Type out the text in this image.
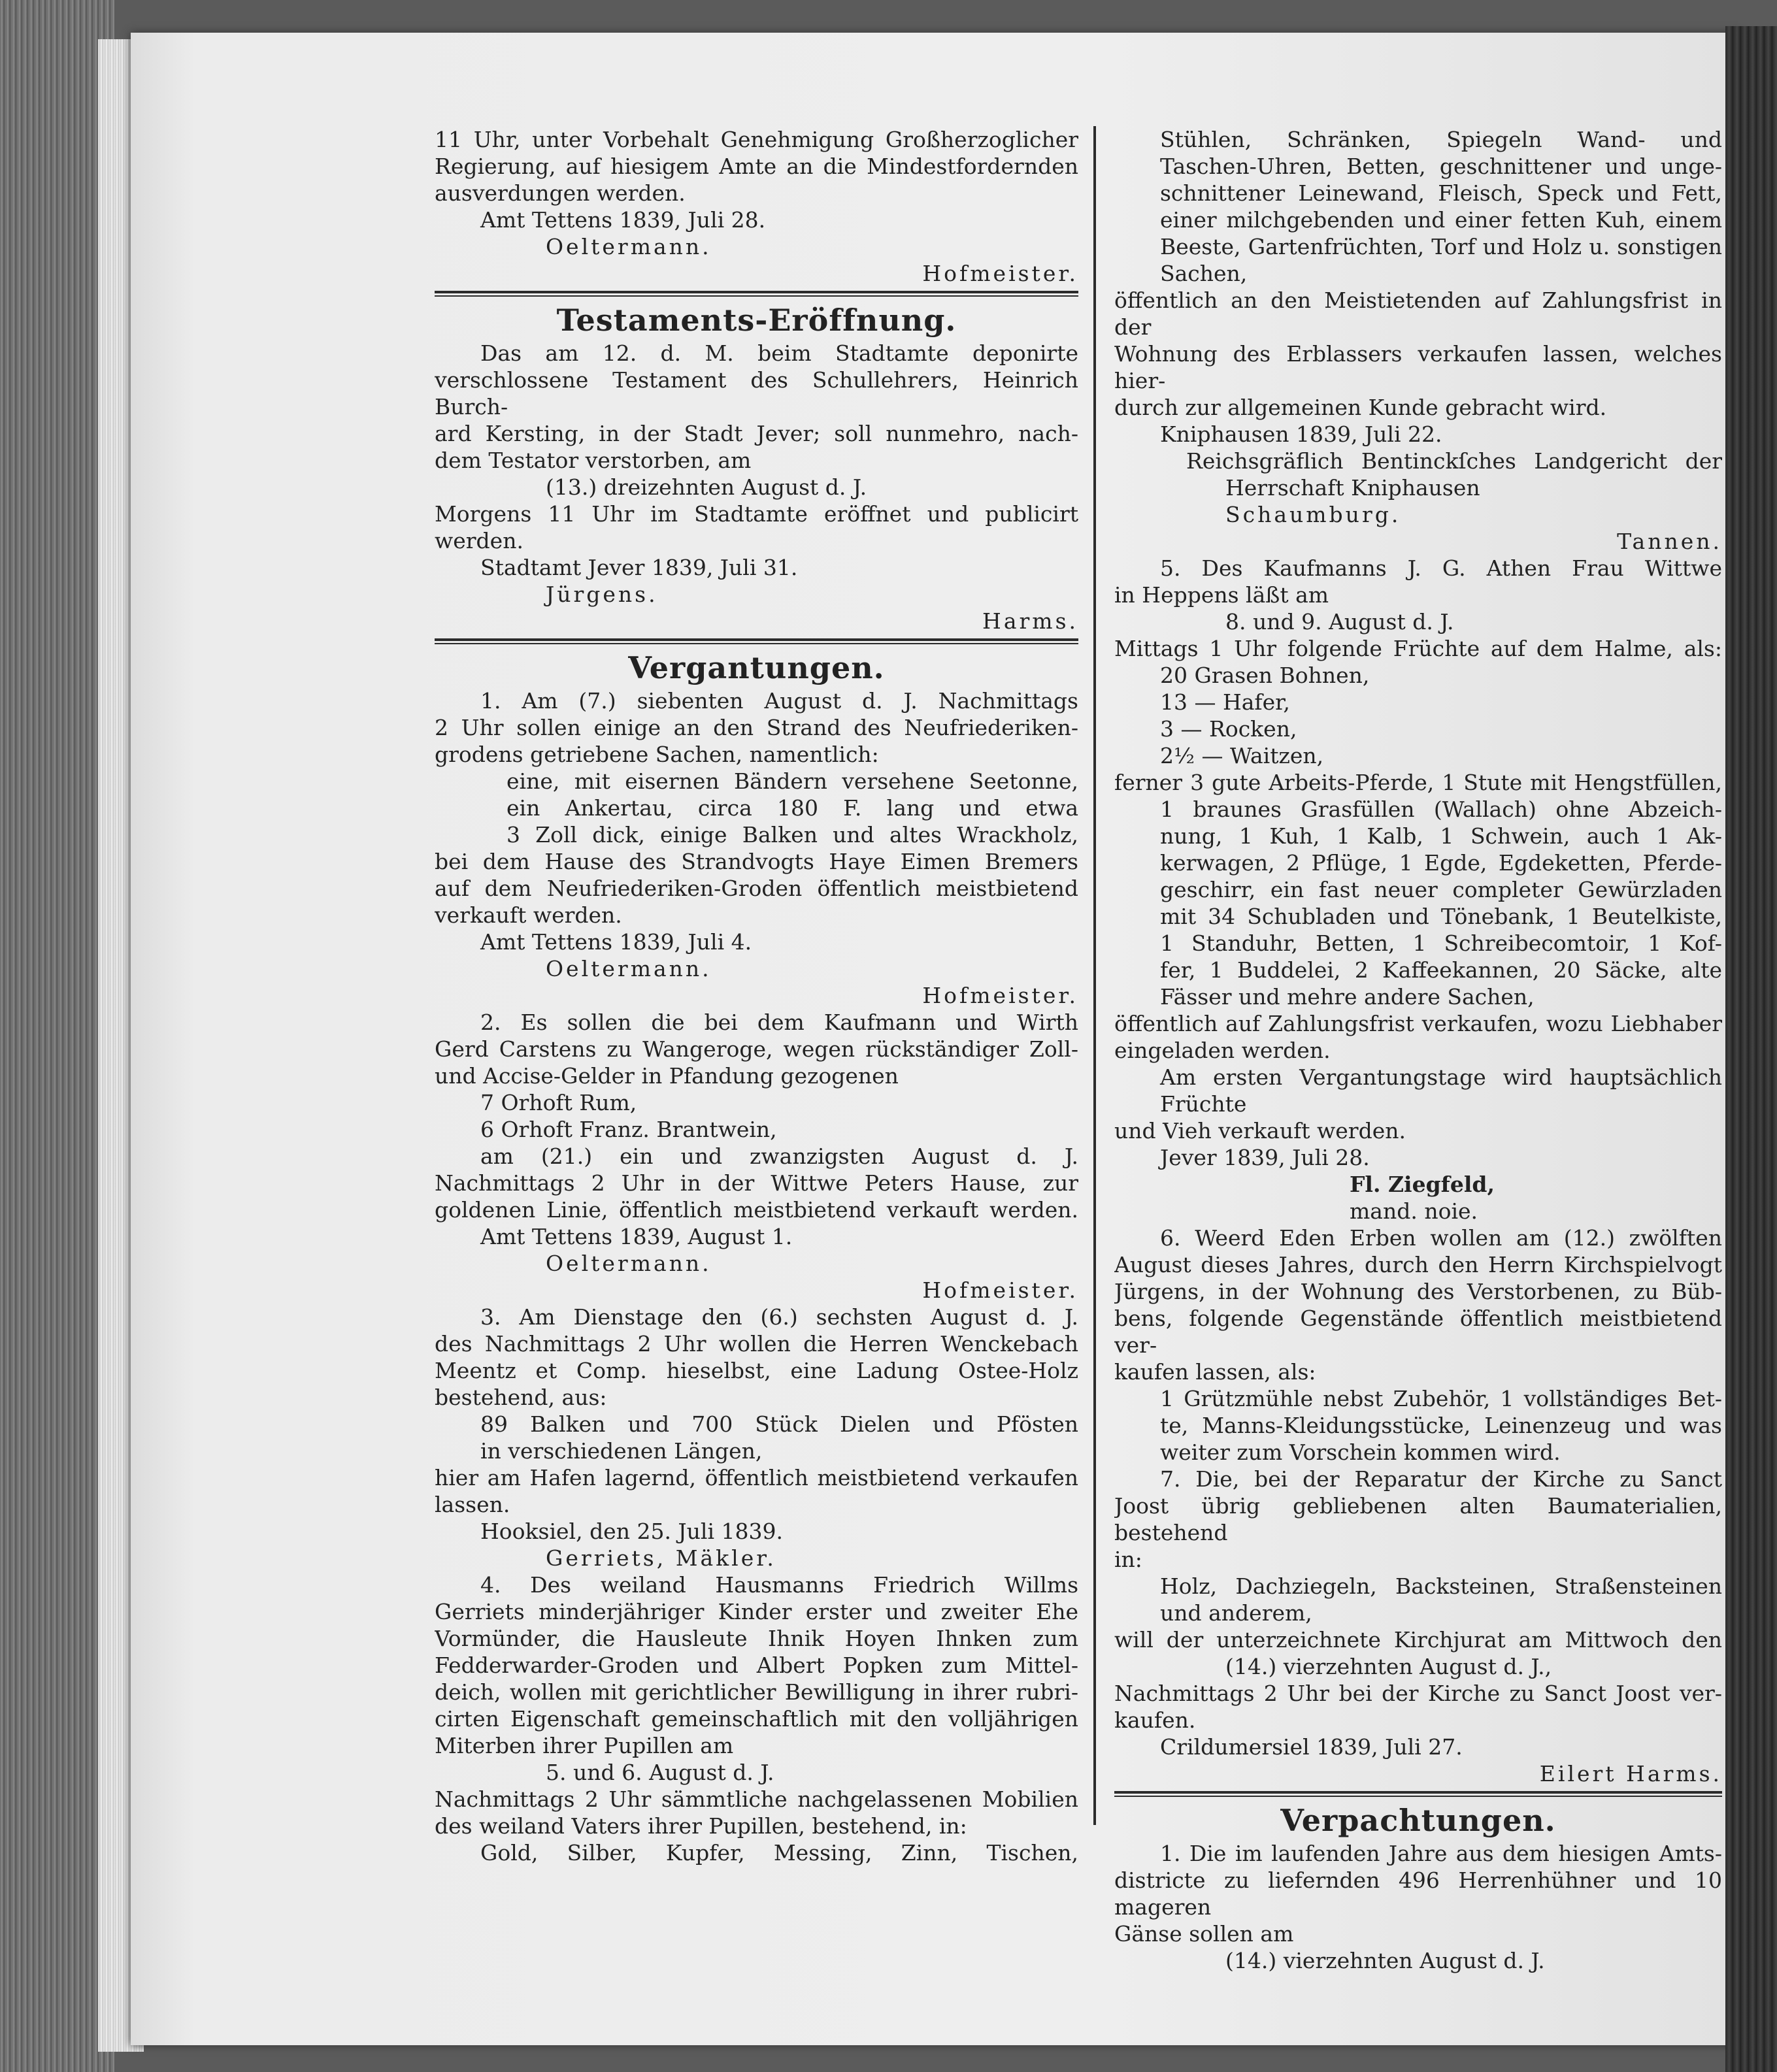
11 Uhr, unter Vorbehalt Genehmigung Großherzoglicher
Regierung, auf hiesigem Amte an die Mindestfordernden
ausverdungen werden.
Amt Tettens 1839, Juli 28.
Oeltermann.
Hofmeister.
Testaments-Eröffnung.
Das am 12. d. M. beim Stadtamte deponirte
verschlossene Testament des Schullehrers, Heinrich Burch-
ard Kersting, in der Stadt Jever; soll nunmehro, nach-
dem Testator verstorben, am
(13.) dreizehnten August d. J.
Morgens 11 Uhr im Stadtamte eröffnet und publicirt
werden.
Stadtamt Jever 1839, Juli 31.
Jürgens.
Harms.
Vergantungen.
1. Am (7.) siebenten August d. J. Nachmittags
2 Uhr sollen einige an den Strand des Neufriederiken-
grodens getriebene Sachen, namentlich:
eine, mit eisernen Bändern versehene Seetonne,
ein Ankertau, circa 180 F. lang und etwa
3 Zoll dick, einige Balken und altes Wrackholz,
bei dem Hause des Strandvogts Haye Eimen Bremers
auf dem Neufriederiken-Groden öffentlich meistbietend
verkauft werden.
Amt Tettens 1839, Juli 4.
Oeltermann.
Hofmeister.
2. Es sollen die bei dem Kaufmann und Wirth
Gerd Carstens zu Wangeroge, wegen rückständiger Zoll-
und Accise-Gelder in Pfandung gezogenen
7 Orhoft Rum,
6 Orhoft Franz. Brantwein,
am (21.) ein und zwanzigsten August d. J.
Nachmittags 2 Uhr in der Wittwe Peters Hause, zur
goldenen Linie, öffentlich meistbietend verkauft werden.
Amt Tettens 1839, August 1.
Oeltermann.
Hofmeister.
3. Am Dienstage den (6.) sechsten August d. J.
des Nachmittags 2 Uhr wollen die Herren Wenckebach
Meentz et Comp. hieselbst, eine Ladung Ostee-Holz
bestehend, aus:
89 Balken und 700 Stück Dielen und Pfösten
in verschiedenen Längen,
hier am Hafen lagernd, öffentlich meistbietend verkaufen
lassen.
Hooksiel, den 25. Juli 1839.
Gerriets, Mäkler.
4. Des weiland Hausmanns Friedrich Willms
Gerriets minderjähriger Kinder erster und zweiter Ehe
Vormünder, die Hausleute Ihnik Hoyen Ihnken zum
Fedderwarder-Groden und Albert Popken zum Mittel-
deich, wollen mit gerichtlicher Bewilligung in ihrer rubri-
cirten Eigenschaft gemeinschaftlich mit den volljährigen
Miterben ihrer Pupillen am
5. und 6. August d. J.
Nachmittags 2 Uhr sämmtliche nachgelassenen Mobilien
des weiland Vaters ihrer Pupillen, bestehend, in:
Gold, Silber, Kupfer, Messing, Zinn, Tischen,
Stühlen, Schränken, Spiegeln Wand- und
Taschen-Uhren, Betten, geschnittener und unge-
schnittener Leinewand, Fleisch, Speck und Fett,
einer milchgebenden und einer fetten Kuh, einem
Beeste, Gartenfrüchten, Torf und Holz u. sonstigen
Sachen,
öffentlich an den Meistietenden auf Zahlungsfrist in der
Wohnung des Erblassers verkaufen lassen, welches hier-
durch zur allgemeinen Kunde gebracht wird.
Kniphausen 1839, Juli 22.
Reichsgräflich Bentinckſches Landgericht der
Herrschaft Kniphausen
Schaumburg.
Tannen.
5. Des Kaufmanns J. G. Athen Frau Wittwe
in Heppens läßt am
8. und 9. August d. J.
Mittags 1 Uhr folgende Früchte auf dem Halme, als:
20 Grasen Bohnen,
13 — Hafer,
3 — Rocken,
2½ — Waitzen,
ferner 3 gute Arbeits-Pferde, 1 Stute mit Hengstfüllen,
1 braunes Grasfüllen (Wallach) ohne Abzeich-
nung, 1 Kuh, 1 Kalb, 1 Schwein, auch 1 Ak-
kerwagen, 2 Pflüge, 1 Egde, Egdeketten, Pferde-
geschirr, ein fast neuer completer Gewürzladen
mit 34 Schubladen und Tönebank, 1 Beutelkiste,
1 Standuhr, Betten, 1 Schreibecomtoir, 1 Kof-
fer, 1 Buddelei, 2 Kaffeekannen, 20 Säcke, alte
Fässer und mehre andere Sachen,
öffentlich auf Zahlungsfrist verkaufen, wozu Liebhaber
eingeladen werden.
Am ersten Vergantungstage wird hauptsächlich Früchte
und Vieh verkauft werden.
Jever 1839, Juli 28.
Fl. Ziegfeld,
mand. noie.
6. Weerd Eden Erben wollen am (12.) zwölften
August dieses Jahres, durch den Herrn Kirchspielvogt
Jürgens, in der Wohnung des Verstorbenen, zu Büb-
bens, folgende Gegenstände öffentlich meistbietend ver-
kaufen lassen, als:
1 Grützmühle nebst Zubehör, 1 vollständiges Bet-
te, Manns-Kleidungsstücke, Leinenzeug und was
weiter zum Vorschein kommen wird.
7. Die, bei der Reparatur der Kirche zu Sanct
Joost übrig gebliebenen alten Baumaterialien, bestehend
in:
Holz, Dachziegeln, Backsteinen, Straßensteinen
und anderem,
will der unterzeichnete Kirchjurat am Mittwoch den
(14.) vierzehnten August d. J.,
Nachmittags 2 Uhr bei der Kirche zu Sanct Joost ver-
kaufen.
Crildumersiel 1839, Juli 27.
Eilert Harms.
Verpachtungen.
1. Die im laufenden Jahre aus dem hiesigen Amts-
districte zu liefernden 496 Herrenhühner und 10 mageren
Gänse sollen am
(14.) vierzehnten August d. J.
